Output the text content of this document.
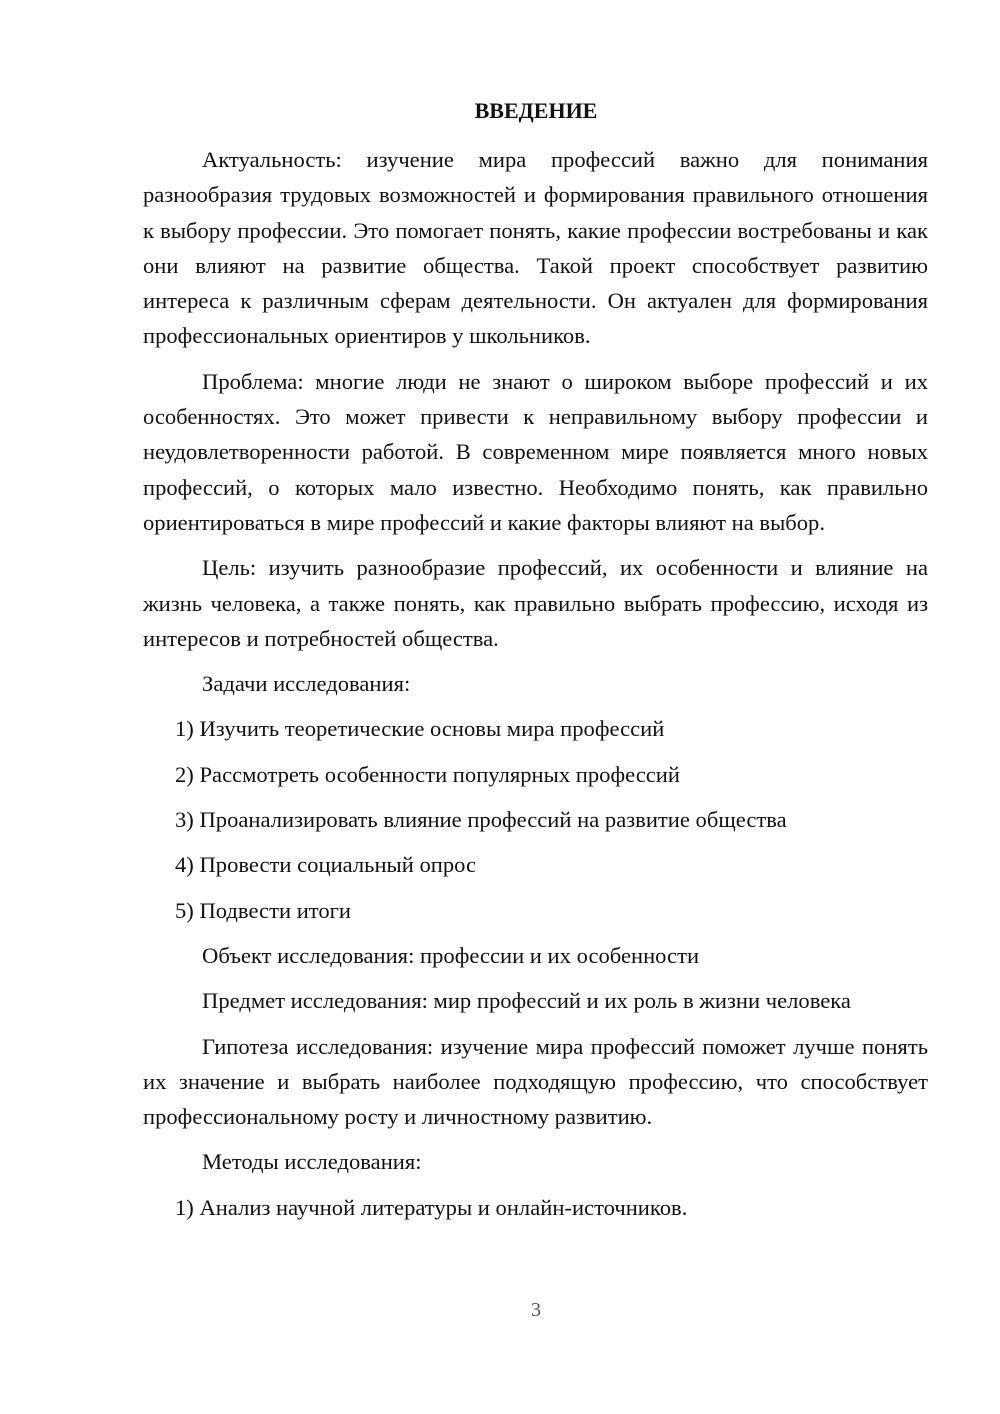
ВВЕДЕНИЕ

Актуальность: изучение мира профессий важно для понимания разнообразия трудовых возможностей и формирования правильного отношения к выбору профессии. Это помогает понять, какие профессии востребованы и как они влияют на развитие общества. Такой проект способствует развитию интереса к различным сферам деятельности. Он актуален для формирования профессиональных ориентиров у школьников.

Проблема: многие люди не знают о широком выборе профессий и их особенностях. Это может привести к неправильному выбору профессии и неудовлетворенности работой. В современном мире появляется много новых профессий, о которых мало известно. Необходимо понять, как правильно ориентироваться в мире профессий и какие факторы влияют на выбор.

Цель: изучить разнообразие профессий, их особенности и влияние на жизнь человека, а также понять, как правильно выбрать профессию, исходя из интересов и потребностей общества.

Задачи исследования:

1) Изучить теоретические основы мира профессий

2) Рассмотреть особенности популярных профессий

3) Проанализировать влияние профессий на развитие общества

4) Провести социальный опрос

5) Подвести итоги

Объект исследования: профессии и их особенности

Предмет исследования: мир профессий и их роль в жизни человека

Гипотеза исследования: изучение мира профессий поможет лучше понять их значение и выбрать наиболее подходящую профессию, что способствует профессиональному росту и личностному развитию.

Методы исследования:

1) Анализ научной литературы и онлайн-источников.

3
